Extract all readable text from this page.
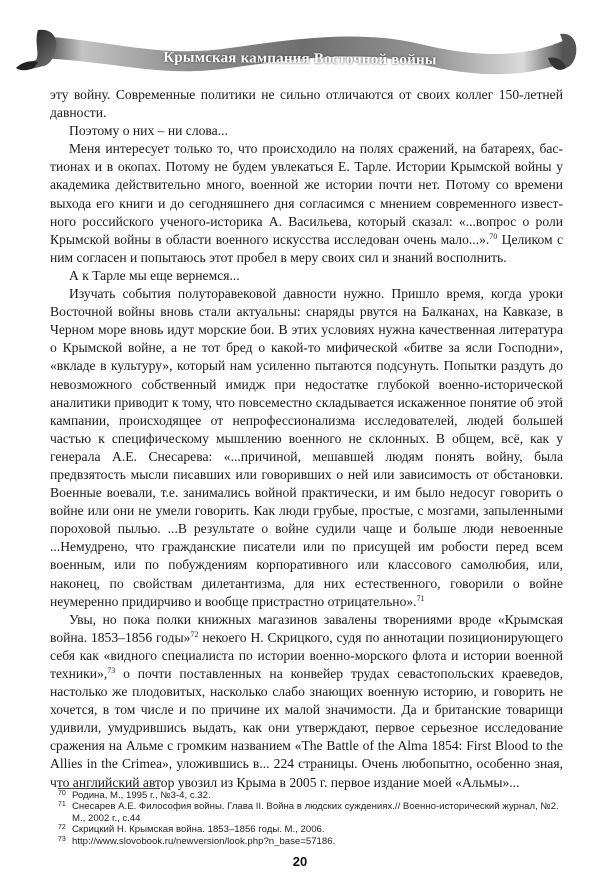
Крымская кампания Восточной войны

эту войну. Современные политики не сильно отличаются от своих коллег 150-летней давности.

Поэтому о них – ни слова...

Меня интересует только то, что происходило на полях сражений, на батареях, бастионах и в окопах. Потому не будем увлекаться Е. Тарле. Истории Крымской войны у академика действительно много, военной же истории почти нет. Потому со времени выхода его книги и до сегодняшнего дня согласимся с мнением современного известного российского ученого-историка А. Васильева, который сказал: «...вопрос о роли Крымской войны в области военного искусства исследован очень мало...».$^{70}$ Целиком с ним согласен и попытаюсь этот пробел в меру своих сил и знаний восполнить.

А к Тарле мы еще вернемся...

Изучать события полуторавековой давности нужно. Пришло время, когда уроки Восточной войны вновь стали актуальны: снаряды рвутся на Балканах, на Кавказе, в Черном море вновь идут морские бои. В этих условиях нужна качественная литература о Крымской войне, а не тот бред о какой-то мифической «битве за ясли Господни», «вкладе в культуру», который нам усиленно пытаются подсунуть. Попытки раздуть до невозможного собственный имидж при недостатке глубокой военно-исторической аналитики приводит к тому, что повсеместно складывается искаженное понятие об этой кампании, происходящее от непрофессионализма исследователей, людей большей частью к специфическому мышлению военного не склонных. В общем, всё, как у генерала А.Е. Снесарева: «...причиной, мешавшей людям понять войну, была предвзятость мысли писавших или говоривших о ней или зависимость от обстановки. Военные воевали, т.е. занимались войной практически, и им было недосуг говорить о войне или они не умели говорить. Как люди грубые, простые, с мозгами, запыленными пороховой пылью. ...В результате о войне судили чаще и больше люди невоенные ...Немудрено, что гражданские писатели или по присущей им робости перед всем военным, или по побуждениям корпоративного или классового самолюбия, или, наконец, по свойствам дилетантизма, для них естественного, говорили о войне неумеренно придирчиво и вообще пристрастно отрицательно».$^{71}$

Увы, но пока полки книжных магазинов завалены творениями вроде «Крымская война. 1853–1856 годы»$^{72}$ некоего Н. Скрицкого, судя по аннотации позиционирующего себя как «видного специалиста по истории военно-морского флота и истории военной техники»,$^{73}$ о почти поставленных на конвейер трудах севастопольских краеведов, настолько же плодовитых, насколько слабо знающих военную историю, и говорить не хочется, в том числе и по причине их малой значимости. Да и британские товарищи удивили, умудрившись выдать, как они утверждают, первое серьезное исследование сражения на Альме с громким названием «The Battle of the Alma 1854: First Blood to the Allies in the Crimea», уложившись в... 224 страницы. Очень любопытно, особенно зная, что английский автор увозил из Крыма в 2005 г. первое издание моей «Альмы»...

70 Родина, М., 1995 г., №3-4, с.32.
71 Снесарев А.Е. Философия войны. Глава II. Война в людских суждениях.// Военно-исторический журнал, №2. М., 2002 г., с.44
72 Скрицкий Н. Крымская война. 1853–1856 годы. М., 2006.
73 http://www.slovobook.ru/newversion/look.php?n_base=57186.
20
